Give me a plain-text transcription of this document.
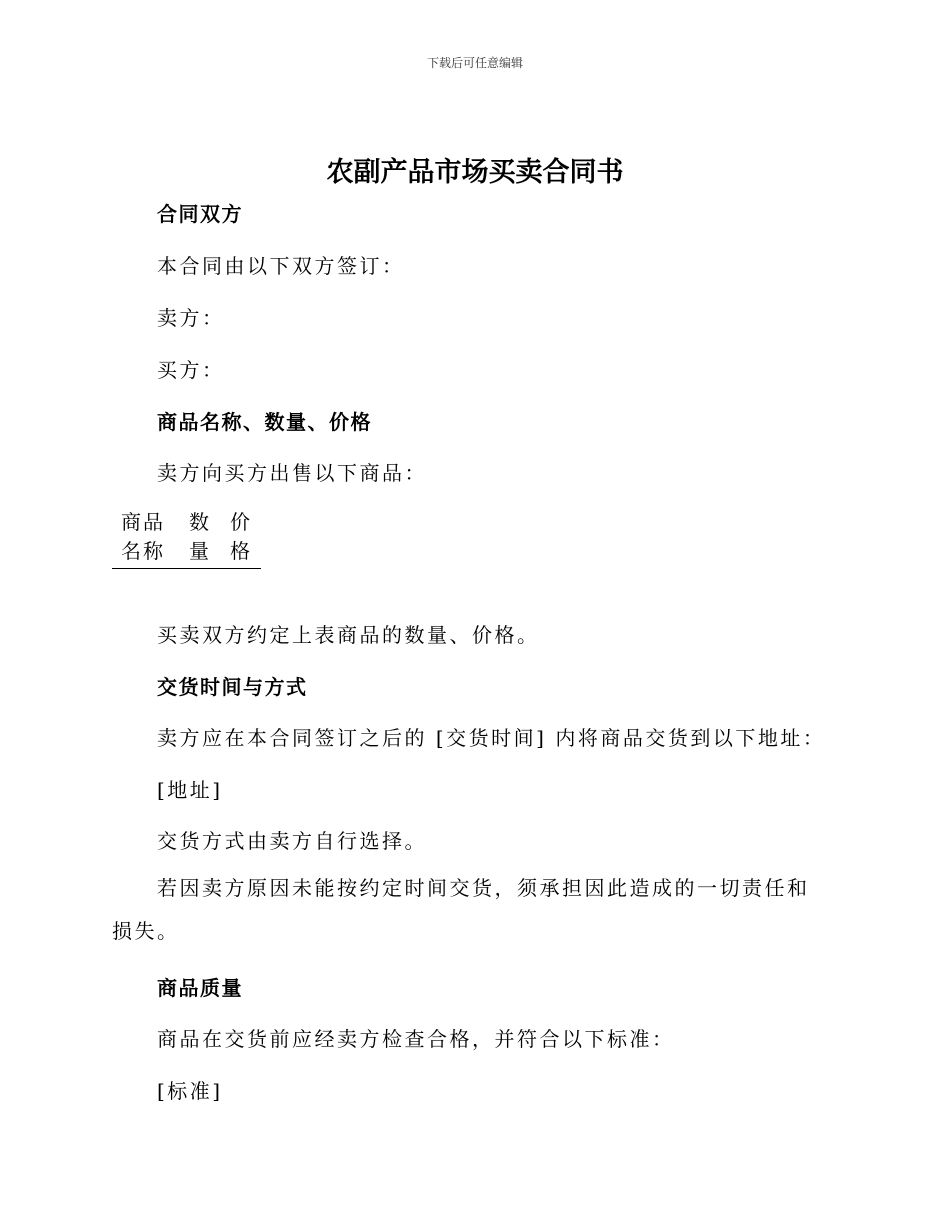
下载后可任意编辑
农副产品市场买卖合同书
合同双方
本合同由以下双方签订：
卖方：
买方：
商品名称、数量、价格
卖方向买方出售以下商品：
商品
名称
数
量
价
格
买卖双方约定上表商品的数量、价格。
交货时间与方式
卖方应在本合同签订之后的 [交货时间] 内将商品交货到以下地址：
[地址]
交货方式由卖方自行选择。
若因卖方原因未能按约定时间交货，须承担因此造成的一切责任和损失。
商品质量
商品在交货前应经卖方检查合格，并符合以下标准：
[标准]
